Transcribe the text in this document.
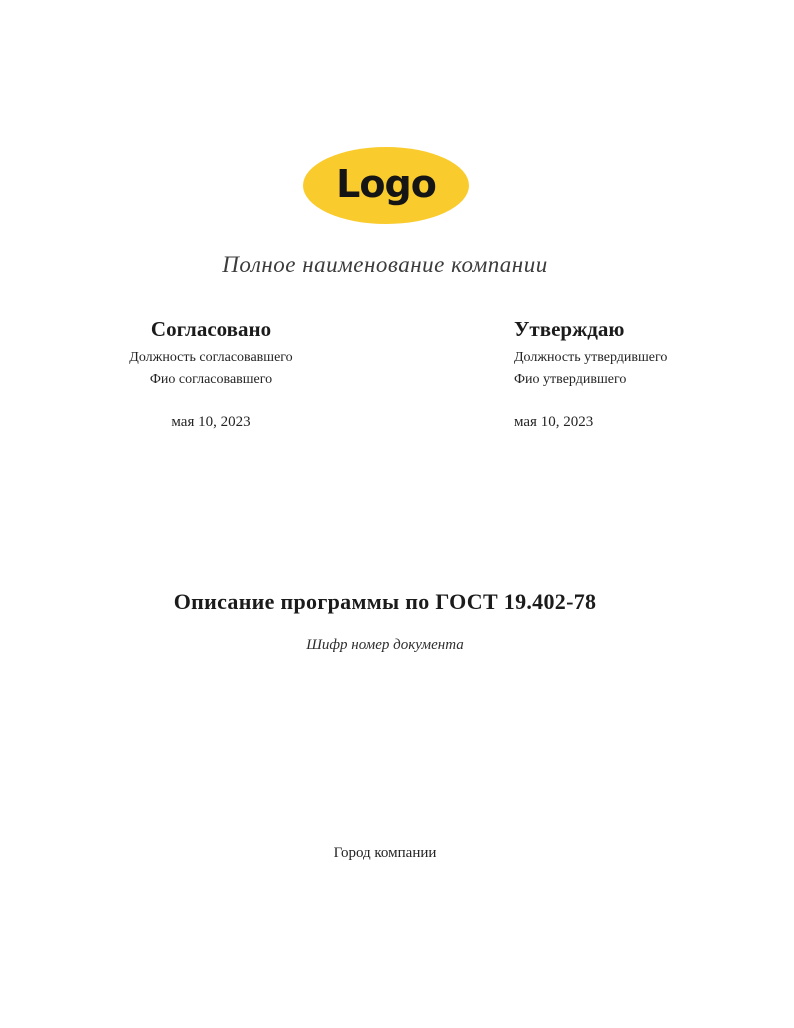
Logo
Полное наименование компании
Согласовано
Должность согласовавшего
Фио согласовавшего
мая 10, 2023
Утверждаю
Должность утвердившего
Фио утвердившего
мая 10, 2023
Описание программы по ГОСТ 19.402-78
Шифр номер документа
Город компании
